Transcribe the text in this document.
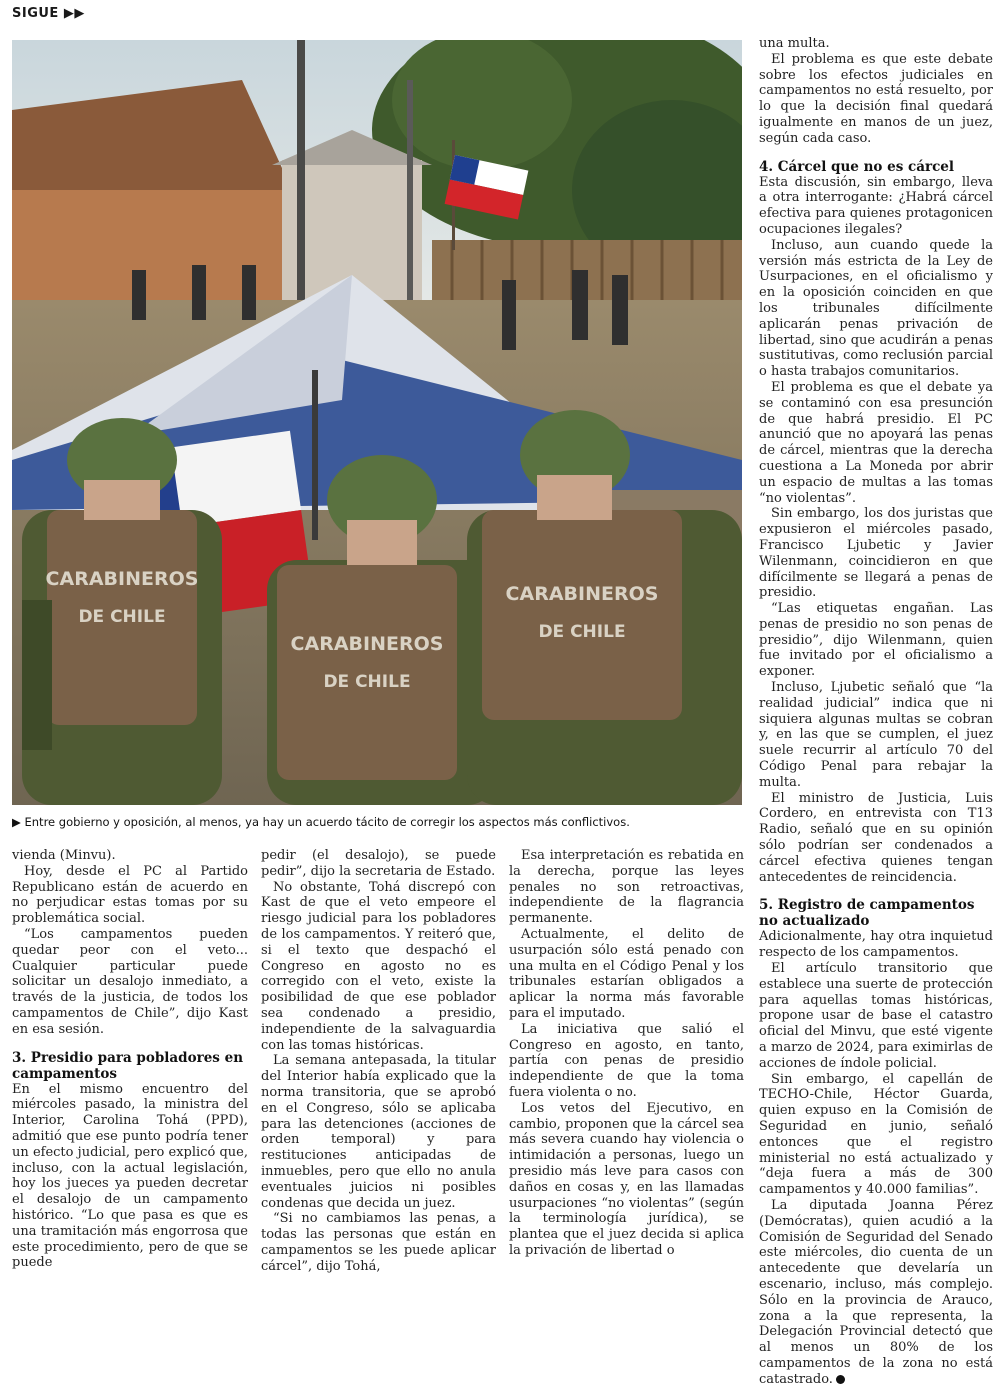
SIGUE ▶▶
CARABINEROS
DE CHILE
CARABINEROS
DE CHILE
CARABINEROS
DE CHILE
▶ Entre gobierno y oposición, al menos, ya hay un acuerdo tácito de corregir los aspectos más conflictivos.

vienda (Minvu).

Hoy, desde el PC al Partido Republicano están de acuerdo en no perjudicar estas tomas por su problemática social.

“Los campamentos pueden quedar peor con el veto... Cualquier particular puede solicitar un desalojo inmediato, a través de la justicia, de todos los campamentos de Chile”, dijo Kast en esa sesión.

3. Presidio para pobladores en campamentos

En el mismo encuentro del miércoles pasado, la ministra del Interior, Carolina Tohá (PPD), admitió que ese punto podría tener un efecto judicial, pero explicó que, incluso, con la actual legislación, hoy los jueces ya pueden decretar el desalojo de un campamento histórico. “Lo que pasa es que es una tramitación más engorrosa que este procedimiento, pero de que se puede

pedir (el desalojo), se puede pedir”, dijo la secretaria de Estado.

No obstante, Tohá discrepó con Kast de que el veto empeore el riesgo judicial para los pobladores de los campamentos. Y reiteró que, si el texto que despachó el Congreso en agosto no es corregido con el veto, existe la posibilidad de que ese poblador sea condenado a presidio, independiente de la salvaguardia con las tomas históricas.

La semana antepasada, la titular del Interior había explicado que la norma transitoria, que se aprobó en el Congreso, sólo se aplicaba para las detenciones (acciones de orden temporal) y para restituciones anticipadas de inmuebles, pero que ello no anula eventuales juicios ni posibles condenas que decida un juez.

“Si no cambiamos las penas, a todas las personas que están en campamentos se les puede aplicar cárcel”, dijo Tohá,

Esa interpretación es rebatida en la derecha, porque las leyes penales no son retroactivas, independiente de la flagrancia permanente.

Actualmente, el delito de usurpación sólo está penado con una multa en el Código Penal y los tribunales estarían obligados a aplicar la norma más favorable para el imputado.

La iniciativa que salió el Congreso en agosto, en tanto, partía con penas de presidio independiente de que la toma fuera violenta o no.

Los vetos del Ejecutivo, en cambio, proponen que la cárcel sea más severa cuando hay violencia o intimidación a personas, luego un presidio más leve para casos con daños en cosas y, en las llamadas usurpaciones “no violentas” (según la terminología jurídica), se plantea que el juez decida si aplica la privación de libertad o

una multa.

El problema es que este debate sobre los efectos judiciales en campamentos no está resuelto, por lo que la decisión final quedará igualmente en manos de un juez, según cada caso.

4. Cárcel que no es cárcel

Esta discusión, sin embargo, lleva a otra interrogante: ¿Habrá cárcel efectiva para quienes protagonicen ocupaciones ilegales?

Incluso, aun cuando quede la versión más estricta de la Ley de Usurpaciones, en el oficialismo y en la oposición coinciden en que los tribunales difícilmente aplicarán penas privación de libertad, sino que acudirán a penas sustitutivas, como reclusión parcial o hasta trabajos comunitarios.

El problema es que el debate ya se contaminó con esa presunción de que habrá presidio. El PC anunció que no apoyará las penas de cárcel, mientras que la derecha cuestiona a La Moneda por abrir un espacio de multas a las tomas “no violentas”.

Sin embargo, los dos juristas que expusieron el miércoles pasado, Francisco Ljubetic y Javier Wilenmann, coincidieron en que difícilmente se llegará a penas de presidio.

“Las etiquetas engañan. Las penas de presidio no son penas de presidio”, dijo Wilenmann, quien fue invitado por el oficialismo a exponer.

Incluso, Ljubetic señaló que “la realidad judicial” indica que ni siquiera algunas multas se cobran y, en las que se cumplen, el juez suele recurrir al artículo 70 del Código Penal para rebajar la multa.

El ministro de Justicia, Luis Cordero, en entrevista con T13 Radio, señaló que en su opinión sólo podrían ser condenados a cárcel efectiva quienes tengan antecedentes de reincidencia.

5. Registro de campamentos no actualizado

Adicionalmente, hay otra inquietud respecto de los campamentos.

El artículo transitorio que establece una suerte de protección para aquellas tomas históricas, propone usar de base el catastro oficial del Minvu, que esté vigente a marzo de 2024, para eximirlas de acciones de índole policial.

Sin embargo, el capellán de TECHO-Chile, Héctor Guarda, quien expuso en la Comisión de Seguridad en junio, señaló entonces que el registro ministerial no está actualizado y “deja fuera a más de 300 campamentos y 40.000 familias”.

La diputada Joanna Pérez (Demócratas), quien acudió a la Comisión de Seguridad del Senado este miércoles, dio cuenta de un antecedente que develaría un escenario, incluso, más complejo. Sólo en la provincia de Arauco, zona a la que representa, la Delegación Provincial detectó que al menos un 80% de los campamentos de la zona no está catastrado.
